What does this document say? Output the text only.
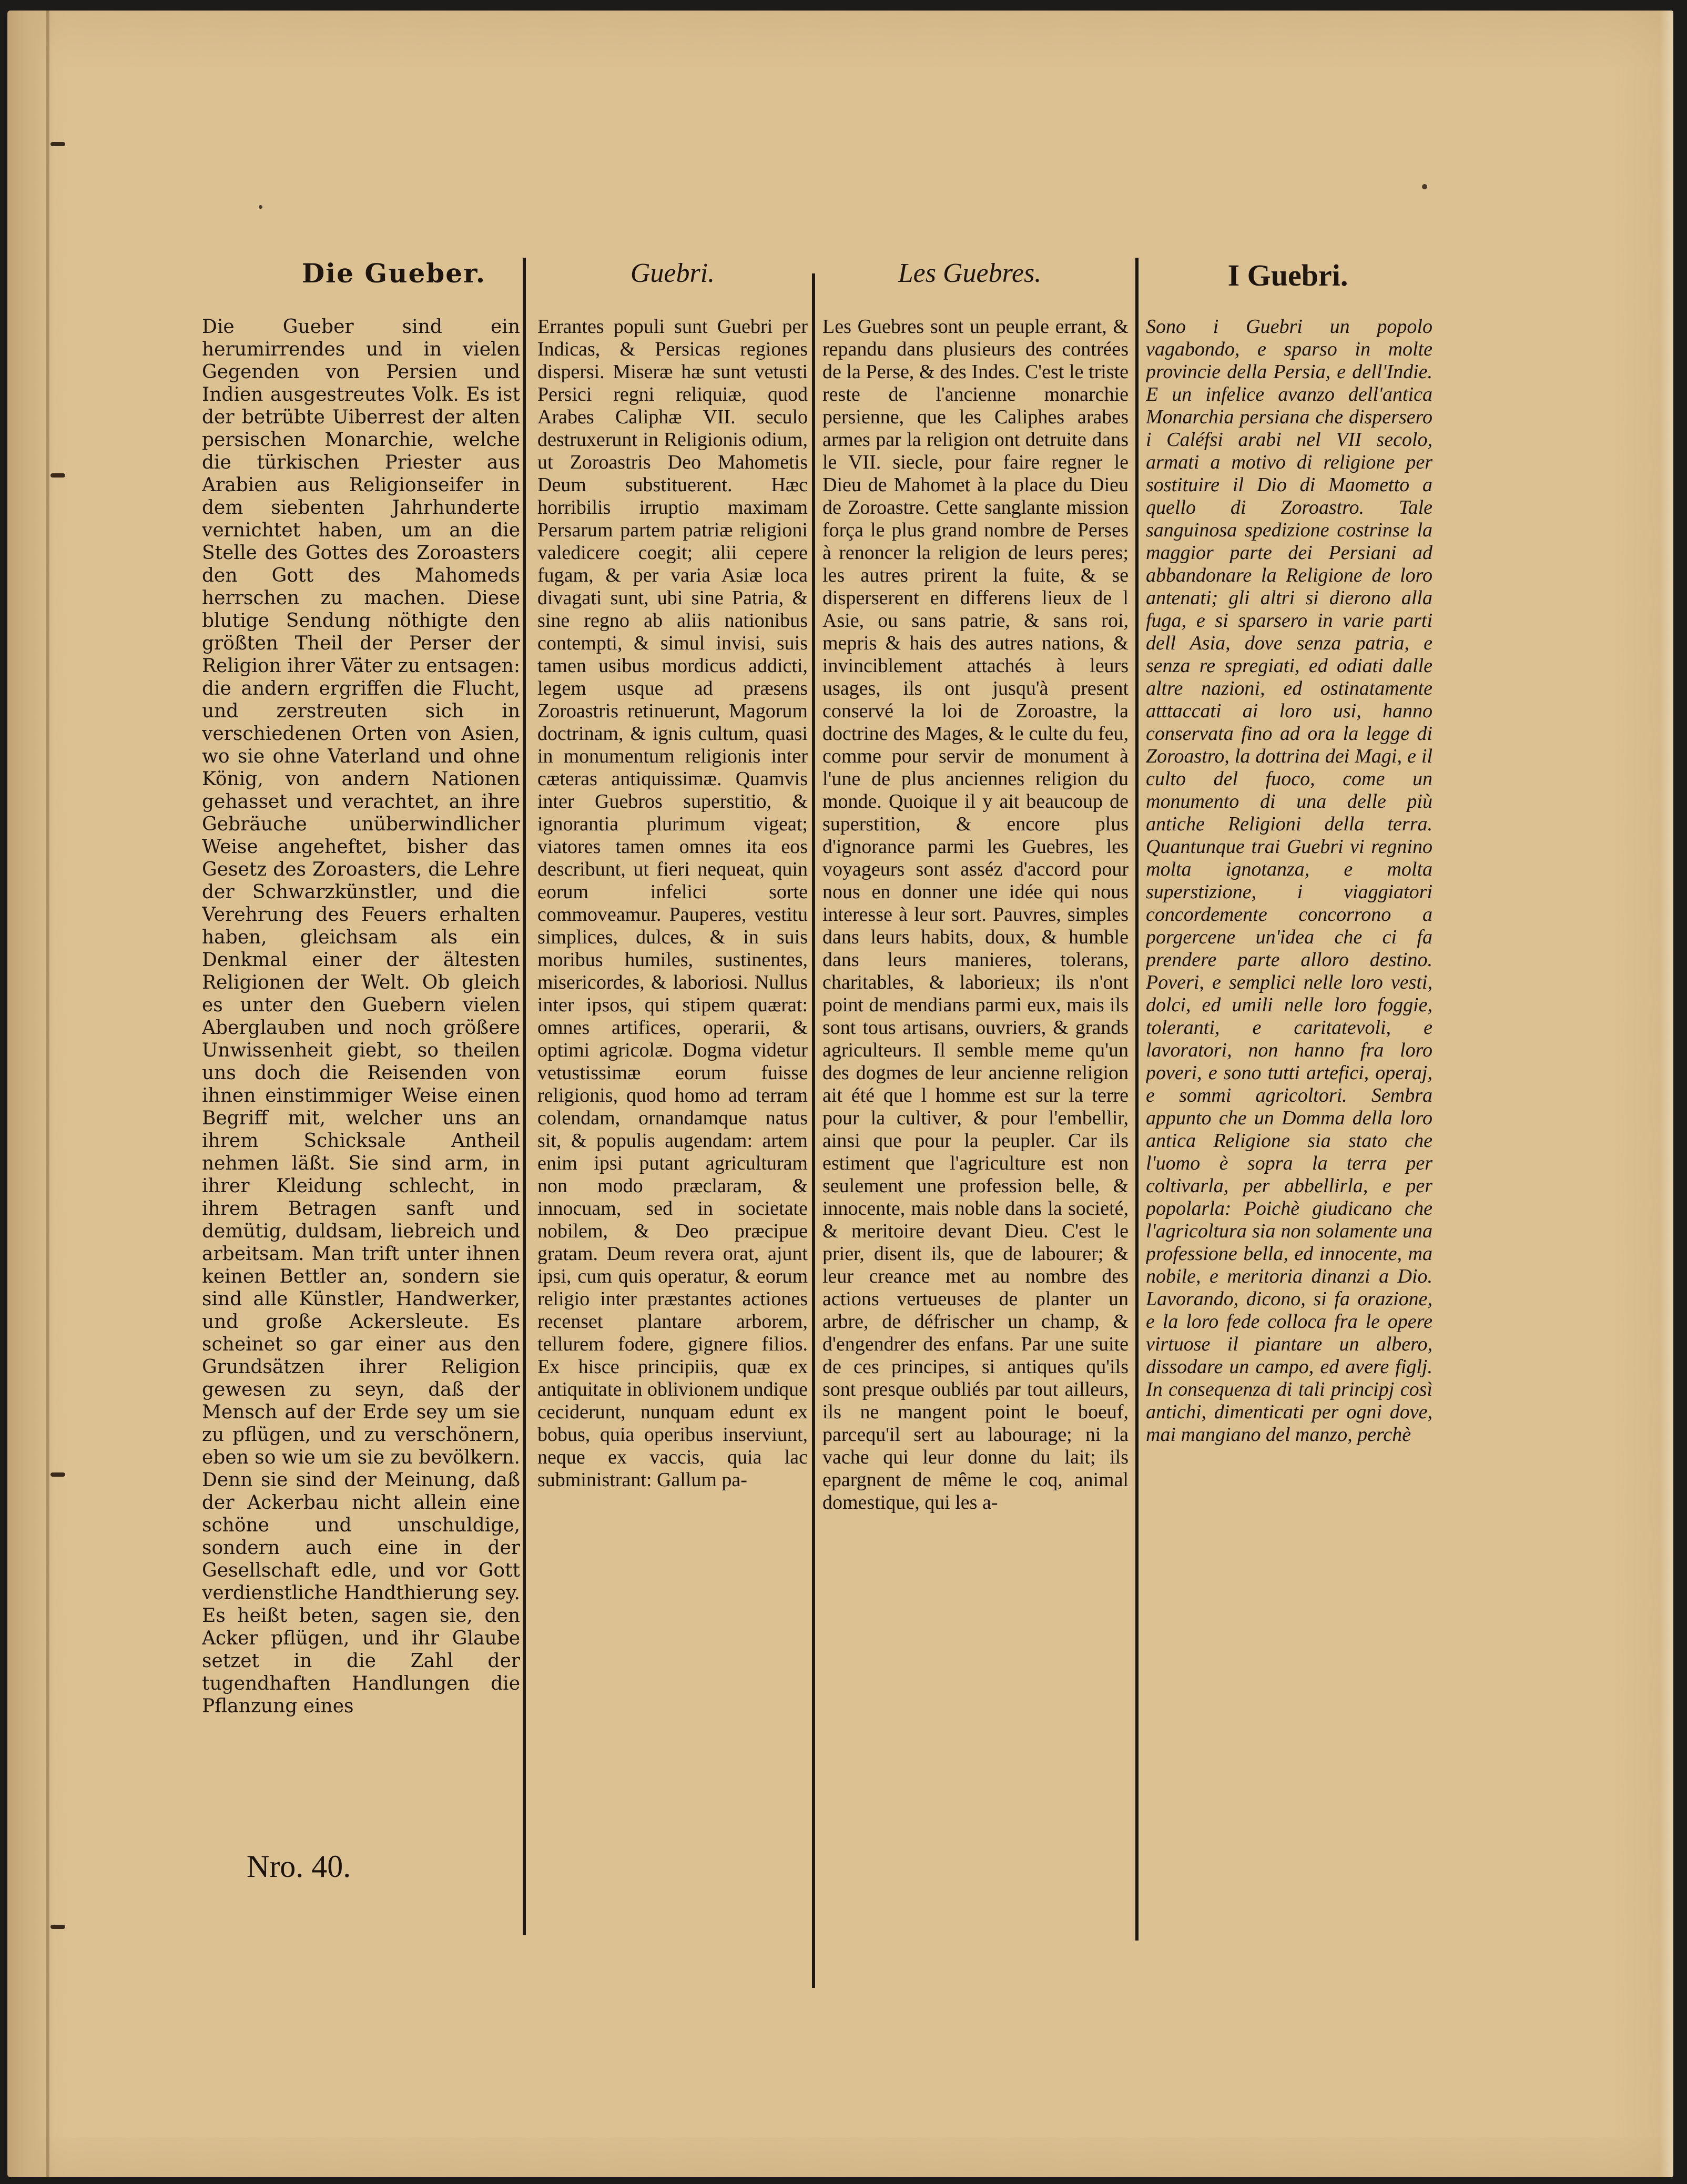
Die Gueber.	Guebri.	Les Guebres.	I Guebri.
Die Gueber sind ein herumirrendes und in vielen Gegenden von Persien und Indien ausgestreutes Volk. Es ist der betrübte Uiberrest der alten persischen Monarchie, welche die türkischen Priester aus Arabien aus Religionseifer in dem siebenten Jahrhunderte vernichtet haben, um an die Stelle des Gottes des Zoroasters den Gott des Mahomeds herrschen zu machen. Diese blutige Sendung nöthigte den größten Theil der Perser der Religion ihrer Väter zu entsagen: die andern ergriffen die Flucht, und zerstreuten sich in verschiedenen Orten von Asien, wo sie ohne Vaterland und ohne König, von andern Nationen gehasset und verachtet, an ihre Gebräuche unüberwindlicher Weise angeheftet, bisher das Gesetz des Zoroasters, die Lehre der Schwarzkünstler, und die Verehrung des Feuers erhalten haben, gleichsam als ein Denkmal einer der ältesten Religionen der Welt. Ob gleich es unter den Guebern vielen Aberglauben und noch größere Unwissenheit giebt, so theilen uns doch die Reisenden von ihnen einstimmiger Weise einen Begriff mit, welcher uns an ihrem Schicksale Antheil nehmen läßt. Sie sind arm, in ihrer Kleidung schlecht, in ihrem Betragen sanft und demütig, duldsam, liebreich und arbeitsam. Man trift unter ihnen keinen Bettler an, sondern sie sind alle Künstler, Handwerker, und große Ackersleute. Es scheinet so gar einer aus den Grundsätzen ihrer Religion gewesen zu seyn, daß der Mensch auf der Erde sey um sie zu pflügen, und zu verschönern, eben so wie um sie zu bevölkern. Denn sie sind der Meinung, daß der Ackerbau nicht allein eine schöne und unschuldige, sondern auch eine in der Gesellschaft edle, und vor Gott verdienstliche Handthierung sey. Es heißt beten, sagen sie, den Acker pflügen, und ihr Glaube setzet in die Zahl der tugendhaften Handlungen die Pflanzung eines
Errantes populi sunt Guebri per Indicas, & Persicas regiones dispersi. Miseræ hæ sunt vetusti Persici regni reliquiæ, quod Arabes Caliphæ VII. seculo destruxerunt in Religionis odium, ut Zoroastris Deo Mahometis Deum substituerent. Hæc horribilis irruptio maximam Persarum partem patriæ religioni valedicere coegit; alii cepere fugam, & per varia Asiæ loca divagati sunt, ubi sine Patria, & sine regno ab aliis nationibus contempti, & simul invisi, suis tamen usibus mordicus addicti, legem usque ad præsens Zoroastris retinuerunt, Magorum doctrinam, & ignis cultum, quasi in monumentum religionis inter cæteras antiquissimæ. Quamvis inter Guebros superstitio, & ignorantia plurimum vigeat; viatores tamen omnes ita eos describunt, ut fieri nequeat, quin eorum infelici sorte commoveamur. Pauperes, vestitu simplices, dulces, & in suis moribus humiles, sustinentes, misericordes, & laboriosi. Nullus inter ipsos, qui stipem quærat: omnes artifices, operarii, & optimi agricolæ. Dogma videtur vetustissimæ eorum fuisse religionis, quod homo ad terram colendam, ornandamque natus sit, & populis augendam: artem enim ipsi putant agriculturam non modo præclaram, & innocuam, sed in societate nobilem, & Deo præcipue gratam. Deum revera orat, ajunt ipsi, cum quis operatur, & eorum religio inter præstantes actiones recenset plantare arborem, tellurem fodere, gignere filios. Ex hisce principiis, quæ ex antiquitate in oblivionem undique ceciderunt, nunquam edunt ex bobus, quia operibus inserviunt, neque ex vaccis, quia lac subministrant: Gallum pa-
Les Guebres sont un peuple errant, & repandu dans plusieurs des contrées de la Perse, & des Indes. C'est le triste reste de l'ancienne monarchie persienne, que les Caliphes arabes armes par la religion ont detruite dans le VII. siecle, pour faire regner le Dieu de Mahomet à la place du Dieu de Zoroastre. Cette sanglante mission força le plus grand nombre de Perses à renoncer la religion de leurs peres; les autres prirent la fuite, & se disperserent en differens lieux de l Asie, ou sans patrie, & sans roi, mepris & hais des autres nations, & invinciblement attachés à leurs usages, ils ont jusqu'à present conservé la loi de Zoroastre, la doctrine des Mages, & le culte du feu, comme pour servir de monument à l'une de plus anciennes religion du monde. Quoique il y ait beaucoup de superstition, & encore plus d'ignorance parmi les Guebres, les voyageurs sont asséz d'accord pour nous en donner une idée qui nous interesse à leur sort. Pauvres, simples dans leurs habits, doux, & humble dans leurs manieres, tolerans, charitables, & laborieux; ils n'ont point de mendians parmi eux, mais ils sont tous artisans, ouvriers, & grands agriculteurs. Il semble meme qu'un des dogmes de leur ancienne religion ait été que l homme est sur la terre pour la cultiver, & pour l'embellir, ainsi que pour la peupler. Car ils estiment que l'agriculture est non seulement une profession belle, & innocente, mais noble dans la societé, & meritoire devant Dieu. C'est le prier, disent ils, que de labourer; & leur creance met au nombre des actions vertueuses de planter un arbre, de défrischer un champ, & d'engendrer des enfans. Par une suite de ces principes, si antiques qu'ils sont presque oubliés par tout ailleurs, ils ne mangent point le boeuf, parcequ'il sert au labourage; ni la vache qui leur donne du lait; ils epargnent de même le coq, animal domestique, qui les a-
Sono i Guebri un popolo vagabondo, e sparso in molte provincie della Persia, e dell'Indie. E un infelice avanzo dell'antica Monarchia persiana che dispersero i Caléfsi arabi nel VII secolo, armati a motivo di religione per sostituire il Dio di Maometto a quello di Zoroastro. Tale sanguinosa spedizione costrinse la maggior parte dei Persiani ad abbandonare la Religione de loro antenati; gli altri si dierono alla fuga, e si sparsero in varie parti dell Asia, dove senza patria, e senza re spregiati, ed odiati dalle altre nazioni, ed ostinatamente atttaccati ai loro usi, hanno conservata fino ad ora la legge di Zoroastro, la dottrina dei Magi, e il culto del fuoco, come un monumento di una delle più antiche Religioni della terra. Quantunque trai Guebri vi regnino molta ignotanza, e molta superstizione, i viaggiatori concordemente concorrono a porgercene un'idea che ci fa prendere parte alloro destino. Poveri, e semplici nelle loro vesti, dolci, ed umili nelle loro foggie, toleranti, e caritatevoli, e lavoratori, non hanno fra loro poveri, e sono tutti artefici, operaj, e sommi agricoltori. Sembra appunto che un Domma della loro antica Religione sia stato che l'uomo è sopra la terra per coltivarla, per abbellirla, e per popolarla: Poichè giudicano che l'agricoltura sia non solamente una professione bella, ed innocente, ma nobile, e meritoria dinanzi a Dio. Lavorando, dicono, si fa orazione, e la loro fede colloca fra le opere virtuose il piantare un albero, dissodare un campo, ed avere figlj. In consequenza di tali principj così antichi, dimenticati per ogni dove, mai mangiano del manzo, perchè
Nro. 40.
